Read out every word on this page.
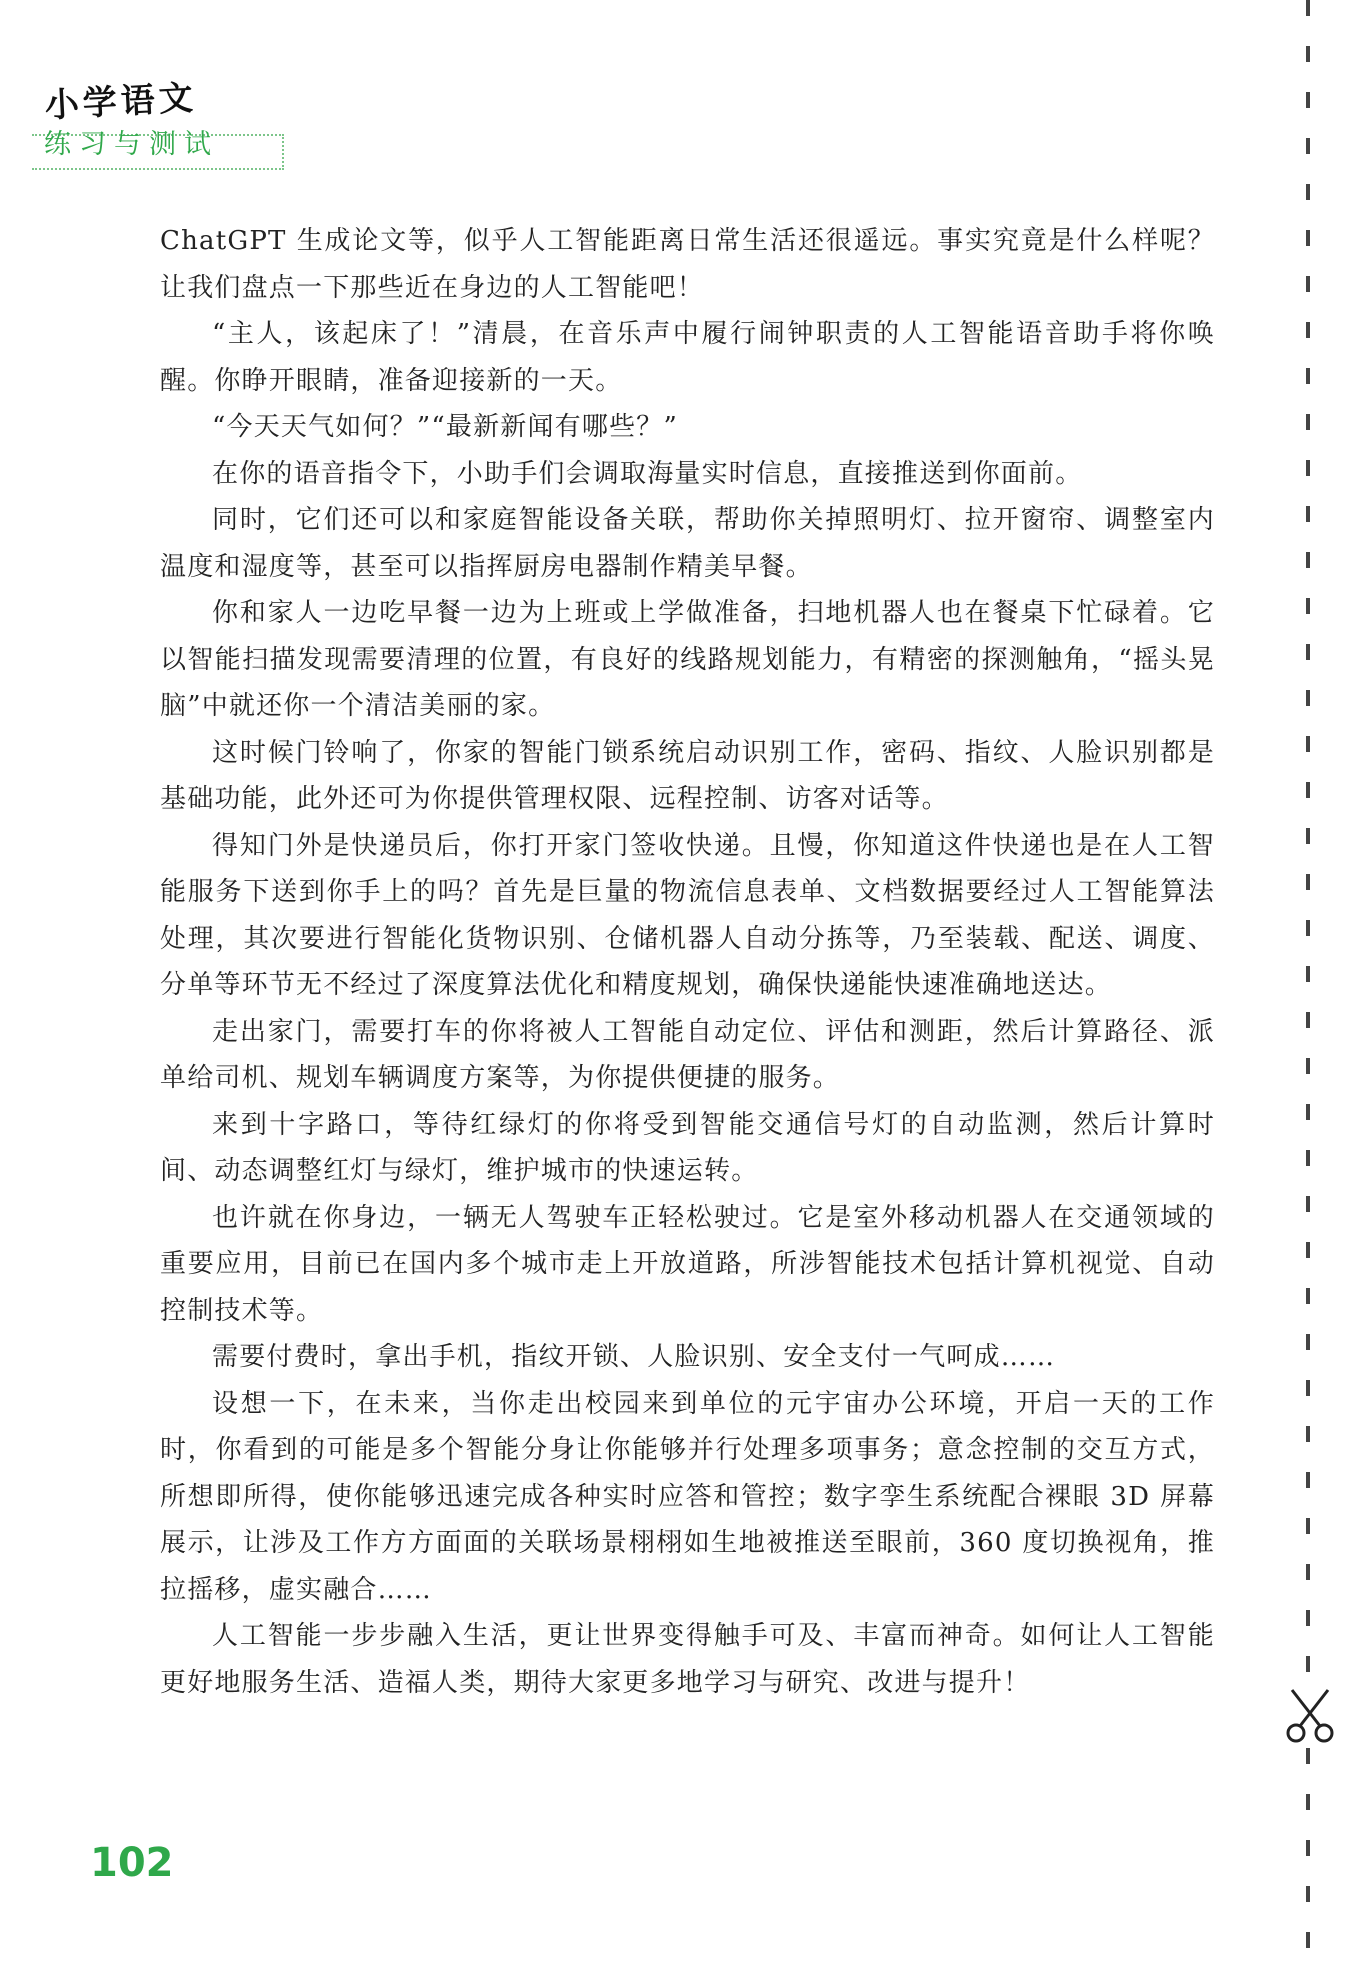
小学语文
练习与测试

ChatGPT 生成论文等，似乎人工智能距离日常生活还很遥远。事实究竟是什么样呢？让我们盘点一下那些近在身边的人工智能吧！

“主人，该起床了！”清晨，在音乐声中履行闹钟职责的人工智能语音助手将你唤醒。你睁开眼睛，准备迎接新的一天。

“今天天气如何？”“最新新闻有哪些？”

在你的语音指令下，小助手们会调取海量实时信息，直接推送到你面前。

同时，它们还可以和家庭智能设备关联，帮助你关掉照明灯、拉开窗帘、调整室内温度和湿度等，甚至可以指挥厨房电器制作精美早餐。

你和家人一边吃早餐一边为上班或上学做准备，扫地机器人也在餐桌下忙碌着。它以智能扫描发现需要清理的位置，有良好的线路规划能力，有精密的探测触角，“摇头晃脑”中就还你一个清洁美丽的家。

这时候门铃响了，你家的智能门锁系统启动识别工作，密码、指纹、人脸识别都是基础功能，此外还可为你提供管理权限、远程控制、访客对话等。

得知门外是快递员后，你打开家门签收快递。且慢，你知道这件快递也是在人工智能服务下送到你手上的吗？首先是巨量的物流信息表单、文档数据要经过人工智能算法处理，其次要进行智能化货物识别、仓储机器人自动分拣等，乃至装载、配送、调度、分单等环节无不经过了深度算法优化和精度规划，确保快递能快速准确地送达。

走出家门，需要打车的你将被人工智能自动定位、评估和测距，然后计算路径、派单给司机、规划车辆调度方案等，为你提供便捷的服务。

来到十字路口，等待红绿灯的你将受到智能交通信号灯的自动监测，然后计算时间、动态调整红灯与绿灯，维护城市的快速运转。

也许就在你身边，一辆无人驾驶车正轻松驶过。它是室外移动机器人在交通领域的重要应用，目前已在国内多个城市走上开放道路，所涉智能技术包括计算机视觉、自动控制技术等。

需要付费时，拿出手机，指纹开锁、人脸识别、安全支付一气呵成……

设想一下，在未来，当你走出校园来到单位的元宇宙办公环境，开启一天的工作时，你看到的可能是多个智能分身让你能够并行处理多项事务；意念控制的交互方式，所想即所得，使你能够迅速完成各种实时应答和管控；数字孪生系统配合裸眼 3D 屏幕展示，让涉及工作方方面面的关联场景栩栩如生地被推送至眼前，360 度切换视角，推拉摇移，虚实融合……

人工智能一步步融入生活，更让世界变得触手可及、丰富而神奇。如何让人工智能更好地服务生活、造福人类，期待大家更多地学习与研究、改进与提升！

102
